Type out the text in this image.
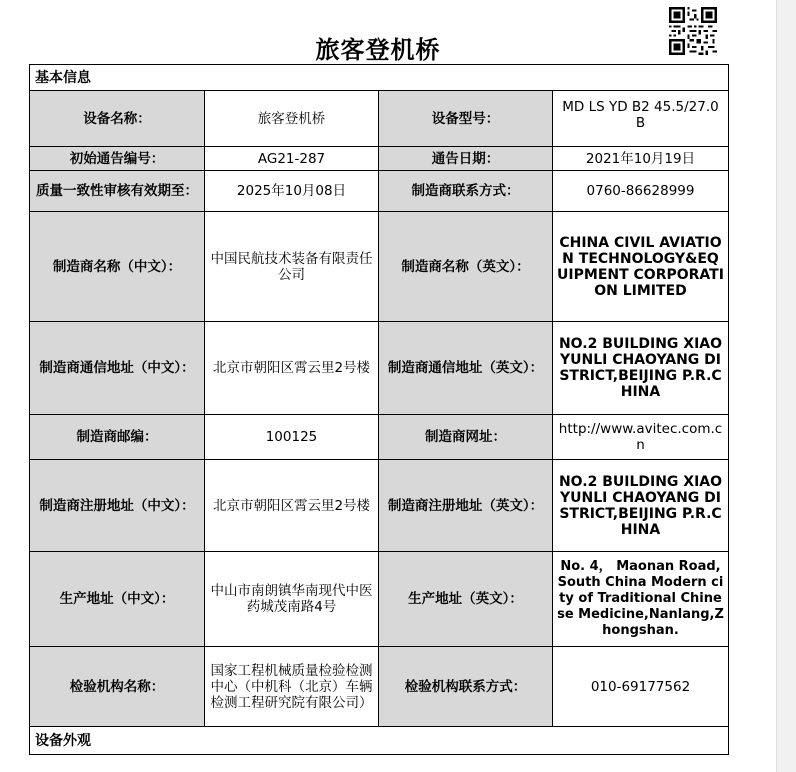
旅客登机桥
基本信息			
设备名称：	旅客登机桥	设备型号：	MD LS YD B2 45.5/27.0 B
初始通告编号：	AG21-287	通告日期：	2021年10月19日
质量一致性审核有效期至：	2025年10月08日	制造商联系方式：	0760-86628999
制造商名称（中文）：	中国民航技术装备有限责任公司	制造商名称（英文）：	CHINA CIVIL AVIATION TECHNOLOGY&EQUIPMENT CORPORATION LIMITED
制造商通信地址（中文）：	北京市朝阳区霄云里2号楼	制造商通信地址（英文）：	NO.2 BUILDING XIAOYUNLI CHAOYANG DISTRICT,BEIJING P.R.CHINA
制造商邮编：	100125	制造商网址：	http://www.avitec.com.cn
制造商注册地址（中文）：	北京市朝阳区霄云里2号楼	制造商注册地址（英文）：	NO.2 BUILDING XIAOYUNLI CHAOYANG DISTRICT,BEIJING P.R.CHINA
生产地址（中文）：	中山市南朗镇华南现代中医药城茂南路4号	生产地址（英文）：	No. 4， Maonan Road, South China Modern city of Traditional Chinese Medicine,Nanlang,Zhongshan.
检验机构名称：	国家工程机械质量检验检测中心（中机科（北京）车辆检测工程研究院有限公司）	检验机构联系方式：	010-69177562
设备外观			
